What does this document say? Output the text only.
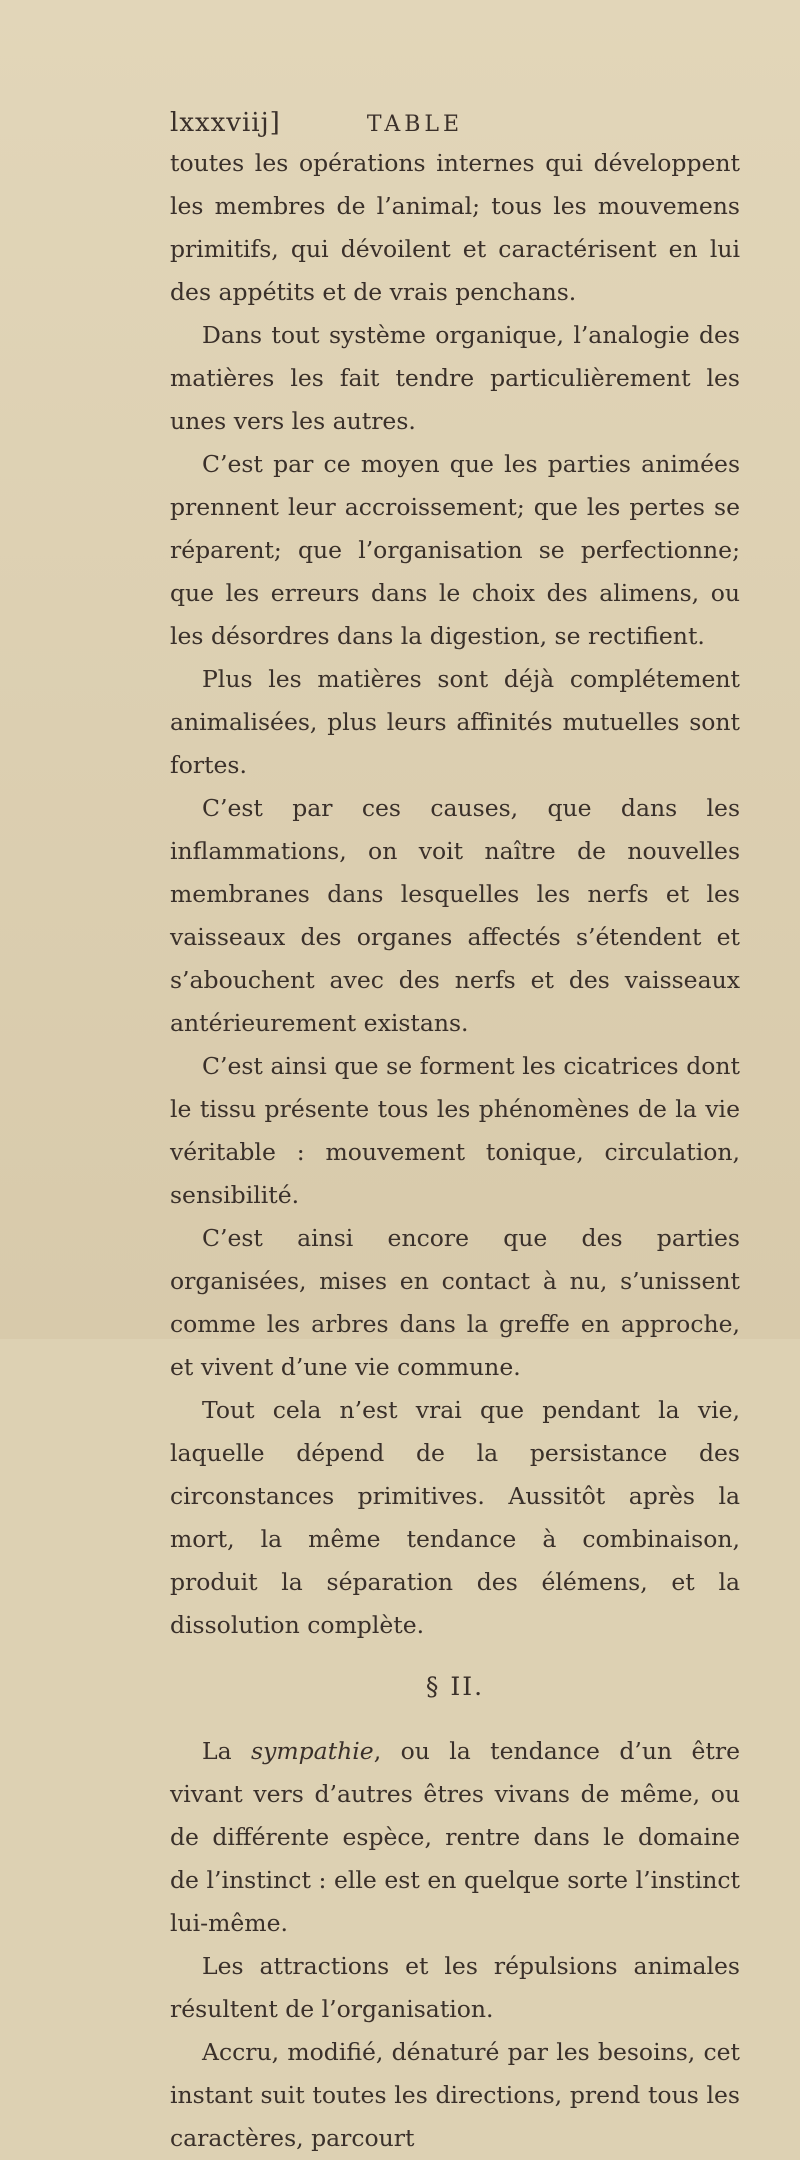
lxxxviij]	TABLE

toutes les opérations internes qui développent les membres de l’animal; tous les mouvemens primitifs, qui dévoilent et caractérisent en lui des appétits et de vrais penchans.

Dans tout système organique, l’analogie des matières les fait tendre particulièrement les unes vers les autres.

C’est par ce moyen que les parties animées prennent leur accroissement; que les pertes se réparent; que l’organisation se perfectionne; que les erreurs dans le choix des alimens, ou les désordres dans la digestion, se rectifient.

Plus les matières sont déjà complétement animalisées, plus leurs affinités mutuelles sont fortes.

C’est par ces causes, que dans les inflammations, on voit naître de nouvelles membranes dans lesquelles les nerfs et les vaisseaux des organes affectés s’étendent et s’abouchent avec des nerfs et des vaisseaux antérieurement existans.

C’est ainsi que se forment les cicatrices dont le tissu présente tous les phénomènes de la vie véritable : mouvement tonique, circulation, sensibilité.

C’est ainsi encore que des parties organisées, mises en contact à nu, s’unissent comme les arbres dans la greffe en approche, et vivent d’une vie commune.

Tout cela n’est vrai que pendant la vie, laquelle dépend de la persistance des circonstances primitives. Aussitôt après la mort, la même tendance à combinaison, produit la séparation des élémens, et la dissolution complète.

§ II.

La sympathie, ou la tendance d’un être vivant vers d’autres êtres vivans de même, ou de différente espèce, rentre dans le domaine de l’instinct : elle est en quelque sorte l’instinct lui-même.

Les attractions et les répulsions animales résultent de l’organisation.

Accru, modifié, dénaturé par les besoins, cet instant suit toutes les directions, prend tous les caractères, parcourt
